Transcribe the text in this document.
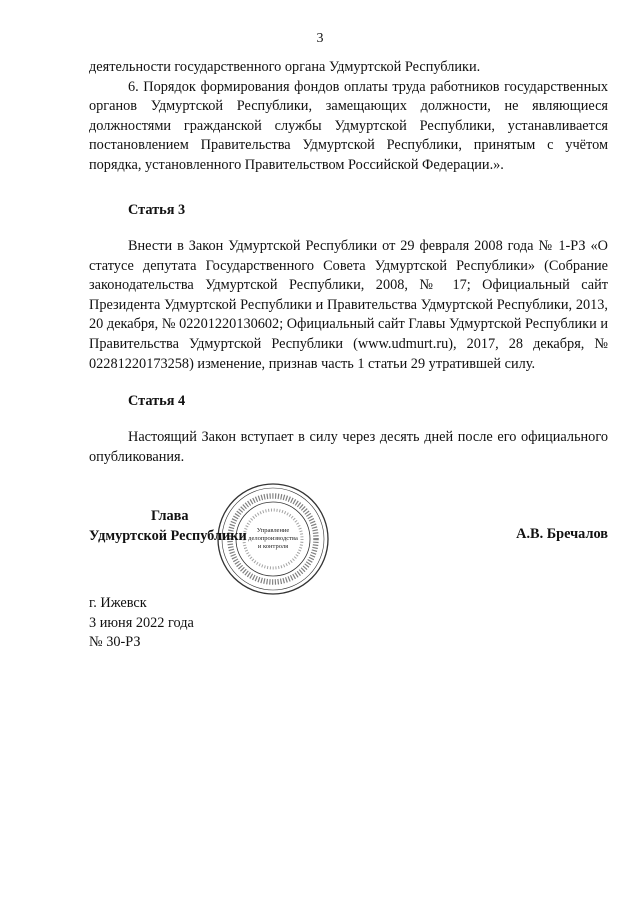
3

деятельности государственного органа Удмуртской Республики.

6. Порядок формирования фондов оплаты труда работников государственных органов Удмуртской Республики, замещающих должности, не являющиеся должностями гражданской службы Удмуртской Республики, устанавливается постановлением Правительства Удмуртской Республики, принятым с учётом порядка, установленного Правительством Российской Федерации.».

Статья 3

Внести в Закон Удмуртской Республики от 29 февраля 2008 года № 1-РЗ «О статусе депутата Государственного Совета Удмуртской Республики» (Собрание законодательства Удмуртской Республики, 2008, № 17; Официальный сайт Президента Удмуртской Республики и Правительства Удмуртской Республики, 2013, 20 декабря, № 02201220130602; Официальный сайт Главы Удмуртской Республики и Правительства Удмуртской Республики (www.udmurt.ru), 2017, 28 декабря, № 02281220173258) изменение, признав часть 1 статьи 29 утратившей силу.

Статья 4

Настоящий Закон вступает в силу через десять дней после его официального опубликования.

Управление
делопроизводства
и контроля
Глава
Удмуртской Республики	А.В. Бречалов
г. Ижевск
3 июня 2022 года
№ 30-РЗ
